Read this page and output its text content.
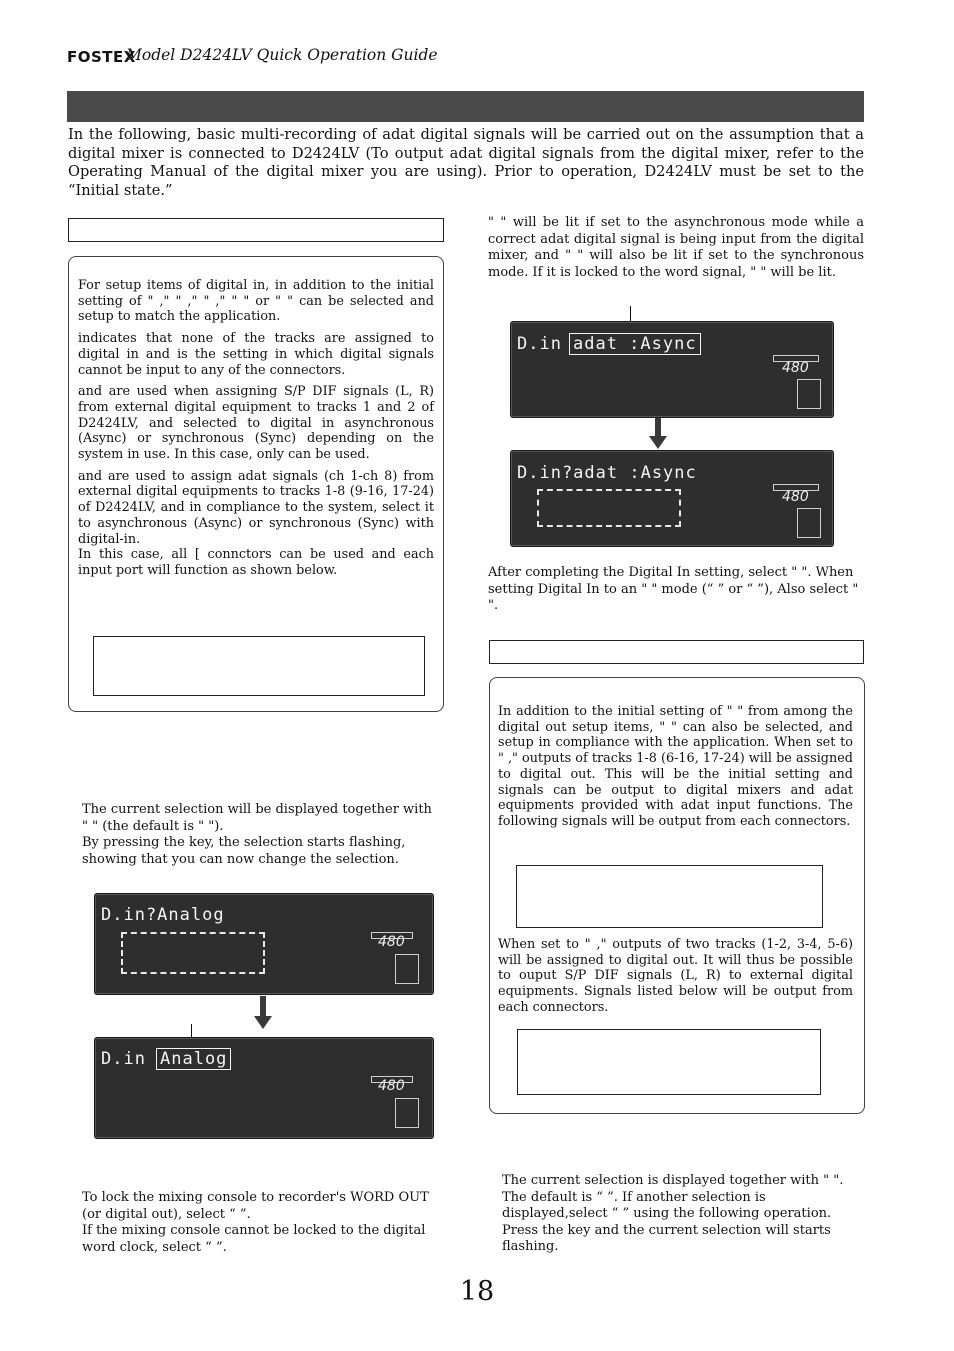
FOSTEX
Model D2424LV Quick Operation Guide
In the following, basic multi-recording of adat digital signals will be carried out on the assumption that a digital mixer is connected to D2424LV (To output adat digital signals from the digital mixer, refer to the Operating Manual of the digital mixer you are using). Prior to operation, D2424LV must be set to the “Initial state.”

For setup items of digital in, in addition to the initial setting of " ," " ," " ," " " or " " can be selected and setup to match the application.

indicates that none of the tracks are assigned to digital in and is the setting in which digital signals cannot be input to any of the connectors.

and are used when assigning S/P DIF signals (L, R) from external digital equipment to tracks 1 and 2 of D2424LV, and selected to digital in asynchronous (Async) or synchronous (Sync) depending on the system in use. In this case, only can be used.

and are used to assign adat signals (ch 1-ch 8) from external digital equipments to tracks 1-8 (9-16, 17-24) of D2424LV, and in compliance to the system, select it to asynchronous (Async) or synchronous (Sync) with digital-in.

In this case, all [ connctors can be used and each input port will function as shown below.

The current selection will be displayed together with " " (the default is " ").

By pressing the key, the selection starts flashing, showing that you can now change the selection.

D.in?Analog
480
D.in Analog
480

To lock the mixing console to recorder's WORD OUT (or digital out), select “ ”.

If the mixing console cannot be locked to the digital word clock, select “ ”.

" " will be lit if set to the asynchronous mode while a correct adat digital signal is being input from the digital mixer, and " " will also be lit if set to the synchronous mode. If it is locked to the word signal, " " will be lit.
D.in adat :Async
480
D.in?adat :Async
480
After completing the Digital In setting, select " ". When setting Digital In to an " " mode (“ ” or “ ”), Also select " ".
In addition to the initial setting of " " from among the digital out setup items, " " can also be selected, and setup in compliance with the application. When set to " ," outputs of tracks 1-8 (6-16, 17-24) will be assigned to digital out. This will be the initial setting and signals can be output to digital mixers and adat equipments provided with adat input functions. The following signals will be output from each connectors.
When set to " ," outputs of two tracks (1-2, 3-4, 5-6) will be assigned to digital out. It will thus be possible to ouput S/P DIF signals (L, R) to external digital equipments. Signals listed below will be output from each connectors.
The current selection is displayed together with " ". The default is “ ”. If another selection is displayed,select “ ” using the following operation. Press the key and the current selection will starts flashing.
18
